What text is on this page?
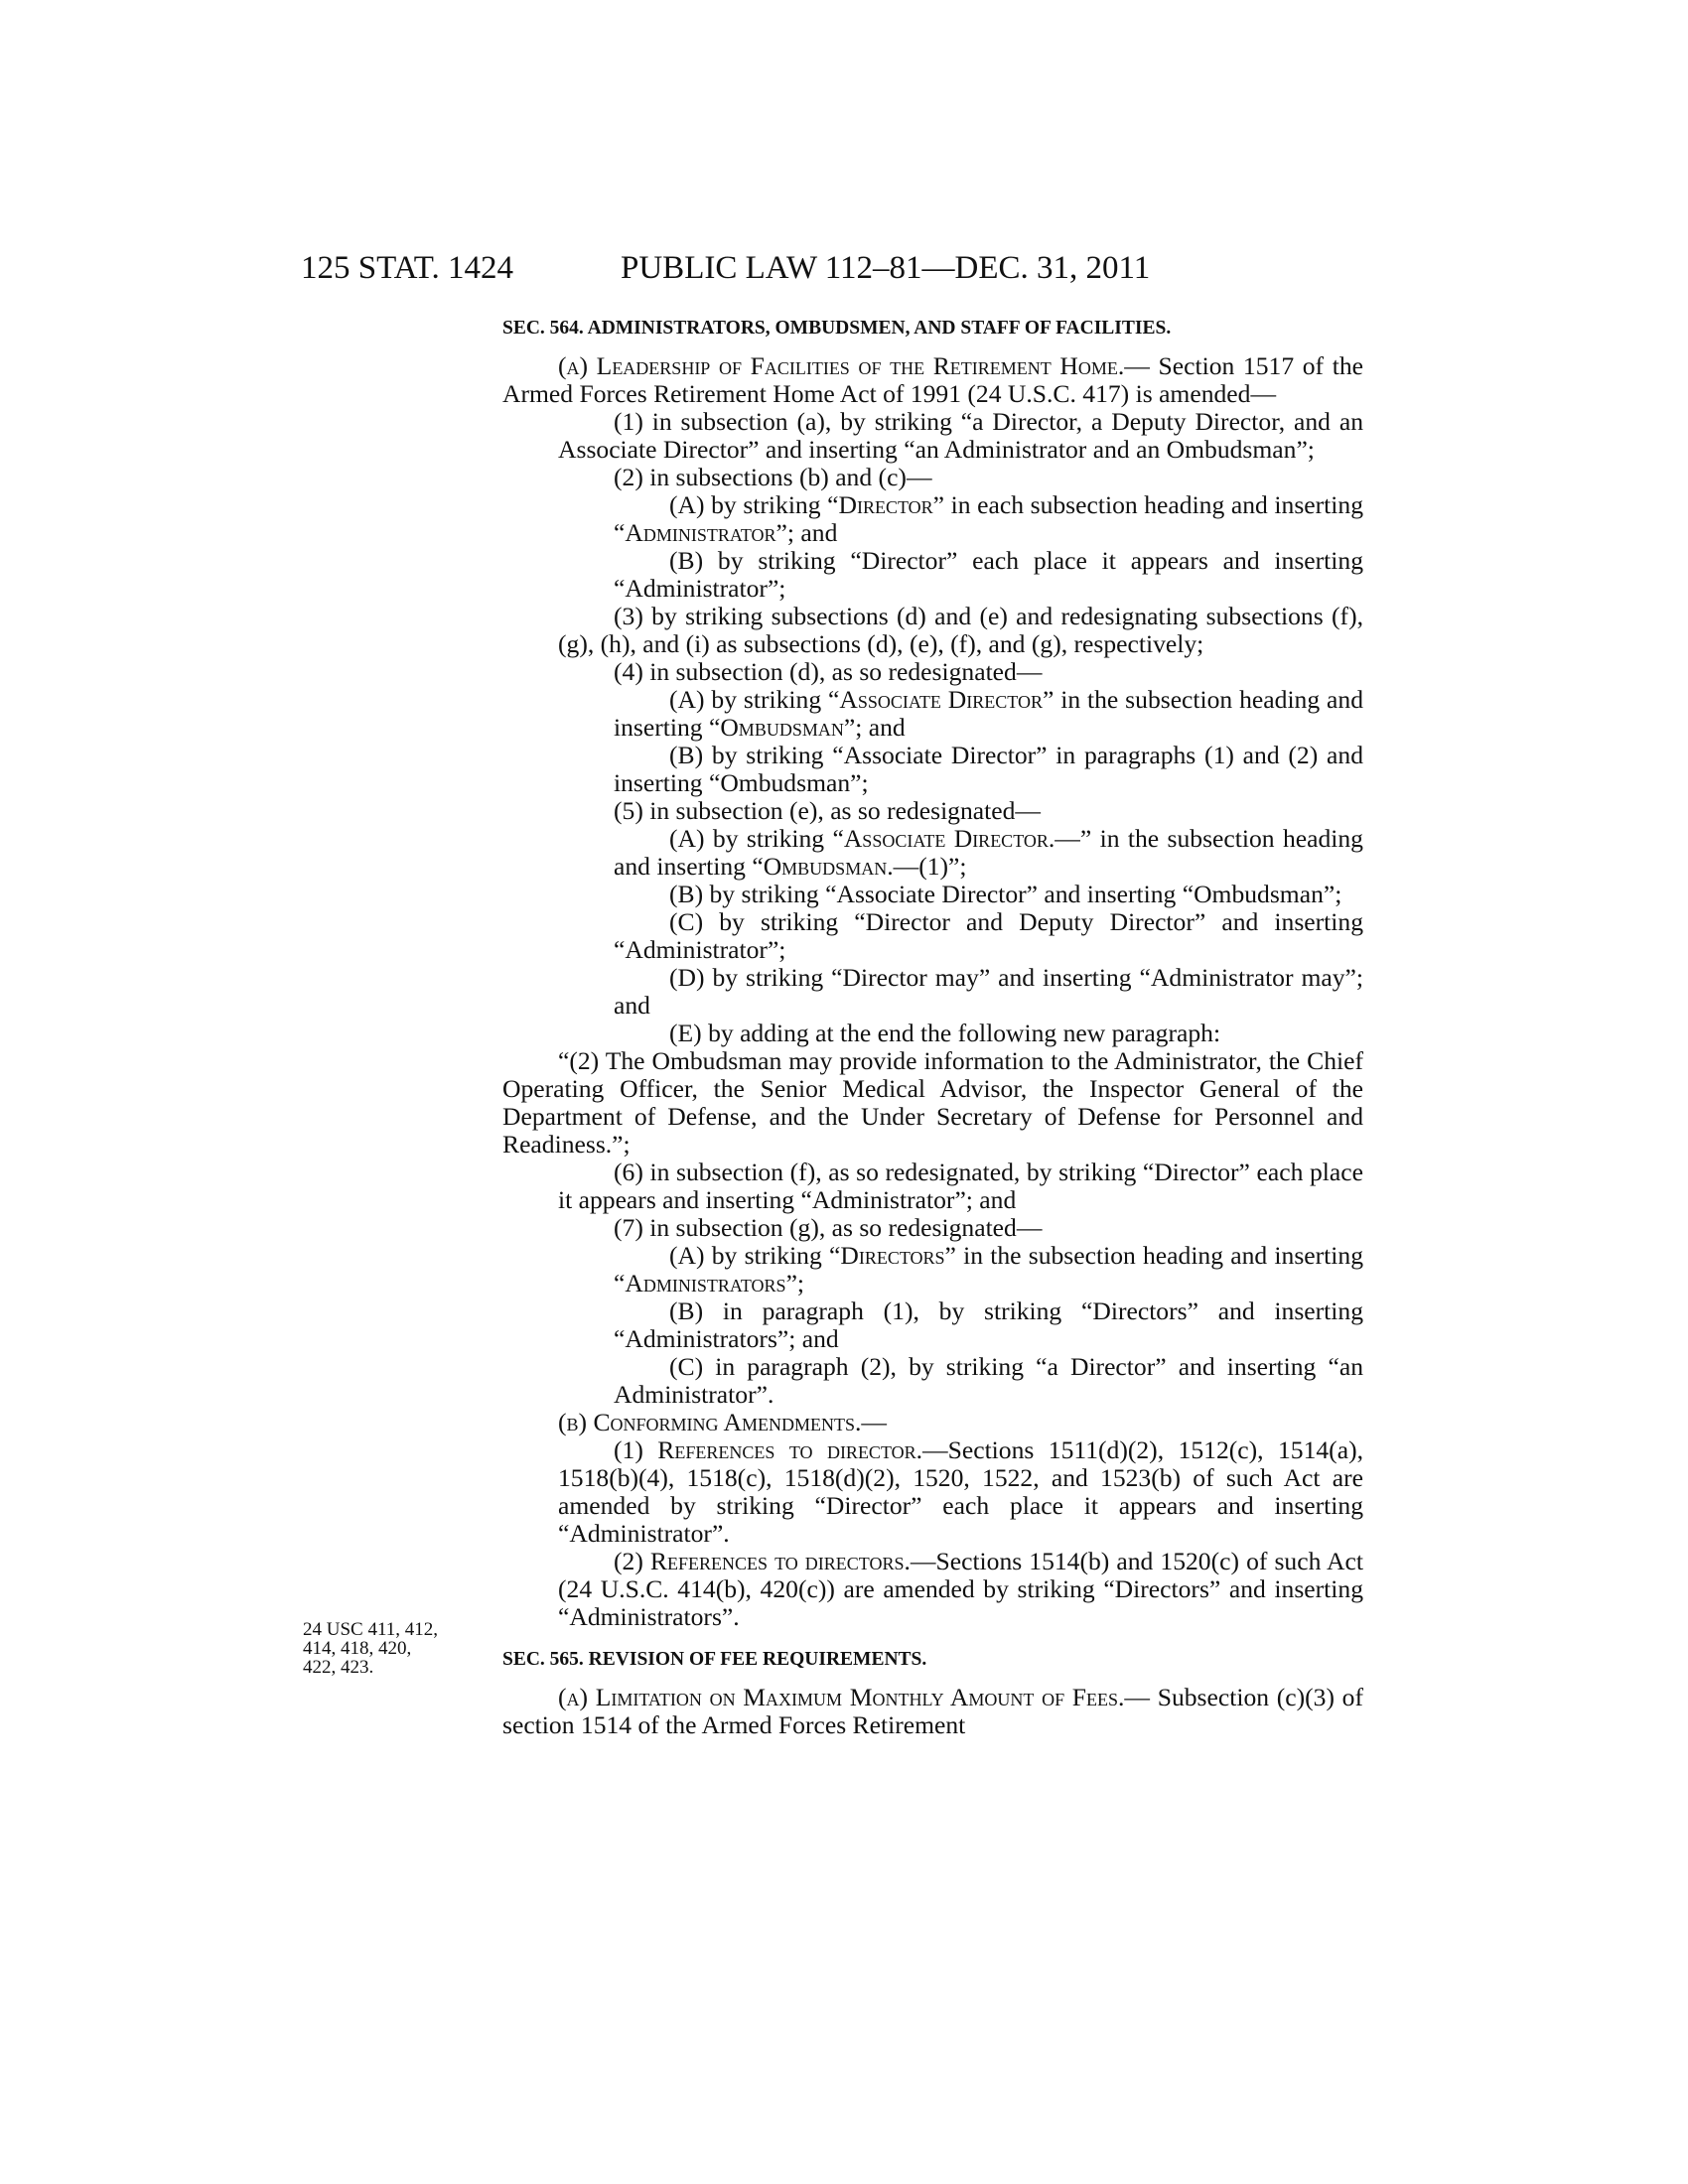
125 STAT. 1424	PUBLIC LAW 112–81—DEC. 31, 2011
24 USC 411, 412,
414, 418, 420,
422, 423.
SEC. 564. ADMINISTRATORS, OMBUDSMEN, AND STAFF OF FACILITIES.

(a) Leadership of Facilities of the Retirement Home.— Section 1517 of the Armed Forces Retirement Home Act of 1991 (24 U.S.C. 417) is amended—

(1) in subsection (a), by striking “a Director, a Deputy Director, and an Associate Director” and inserting “an Administrator and an Ombudsman”;

(2) in subsections (b) and (c)—

(A) by striking “Director” in each subsection heading and inserting “Administrator”; and

(B) by striking “Director” each place it appears and inserting “Administrator”;

(3) by striking subsections (d) and (e) and redesignating subsections (f), (g), (h), and (i) as subsections (d), (e), (f), and (g), respectively;

(4) in subsection (d), as so redesignated—

(A) by striking “Associate Director” in the subsection heading and inserting “Ombudsman”; and

(B) by striking “Associate Director” in paragraphs (1) and (2) and inserting “Ombudsman”;

(5) in subsection (e), as so redesignated—

(A) by striking “Associate Director.—” in the subsection heading and inserting “Ombudsman.—(1)”;

(B) by striking “Associate Director” and inserting “Ombudsman”;

(C) by striking “Director and Deputy Director” and inserting “Administrator”;

(D) by striking “Director may” and inserting “Administrator may”; and

(E) by adding at the end the following new paragraph:

“(2) The Ombudsman may provide information to the Administrator, the Chief Operating Officer, the Senior Medical Advisor, the Inspector General of the Department of Defense, and the Under Secretary of Defense for Personnel and Readiness.”;

(6) in subsection (f), as so redesignated, by striking “Director” each place it appears and inserting “Administrator”; and

(7) in subsection (g), as so redesignated—

(A) by striking “Directors” in the subsection heading and inserting “Administrators”;

(B) in paragraph (1), by striking “Directors” and inserting “Administrators”; and

(C) in paragraph (2), by striking “a Director” and inserting “an Administrator”.

(b) Conforming Amendments.—

(1) References to director.—Sections 1511(d)(2), 1512(c), 1514(a), 1518(b)(4), 1518(c), 1518(d)(2), 1520, 1522, and 1523(b) of such Act are amended by striking “Director” each place it appears and inserting “Administrator”.

(2) References to directors.—Sections 1514(b) and 1520(c) of such Act (24 U.S.C. 414(b), 420(c)) are amended by striking “Directors” and inserting “Administrators”.

SEC. 565. REVISION OF FEE REQUIREMENTS.

(a) Limitation on Maximum Monthly Amount of Fees.— Subsection (c)(3) of section 1514 of the Armed Forces Retirement
